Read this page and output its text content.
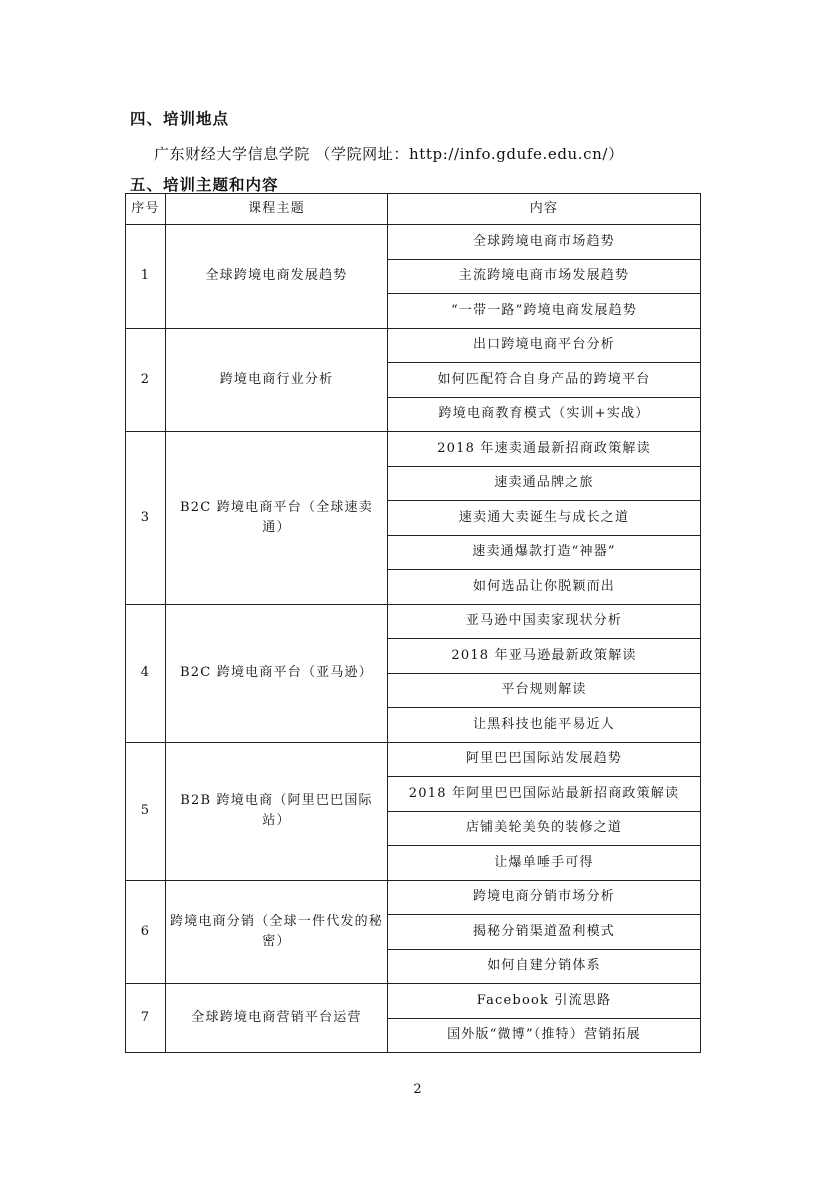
四、培训地点
广东财经大学信息学院 （学院网址：http://info.gdufe.edu.cn/）
五、培训主题和内容
序号	课程主题	内容
1	全球跨境电商发展趋势	全球跨境电商市场趋势
		主流跨境电商市场发展趋势
		“一带一路”跨境电商发展趋势
2	跨境电商行业分析	出口跨境电商平台分析
		如何匹配符合自身产品的跨境平台
		跨境电商教育模式（实训+实战）
3	B2C 跨境电商平台（全球速卖通）	2018 年速卖通最新招商政策解读
		速卖通品牌之旅
		速卖通大卖诞生与成长之道
		速卖通爆款打造“神器”
		如何选品让你脱颖而出
4	B2C 跨境电商平台（亚马逊）	亚马逊中国卖家现状分析
		2018 年亚马逊最新政策解读
		平台规则解读
		让黑科技也能平易近人
5	B2B 跨境电商（阿里巴巴国际站）	阿里巴巴国际站发展趋势
		2018 年阿里巴巴国际站最新招商政策解读
		店铺美轮美奂的装修之道
		让爆单唾手可得
6	跨境电商分销（全球一件代发的秘密）	跨境电商分销市场分析
		揭秘分销渠道盈利模式
		如何自建分销体系
7	全球跨境电商营销平台运营	Facebook 引流思路
		国外版“微博”（推特）营销拓展
2
